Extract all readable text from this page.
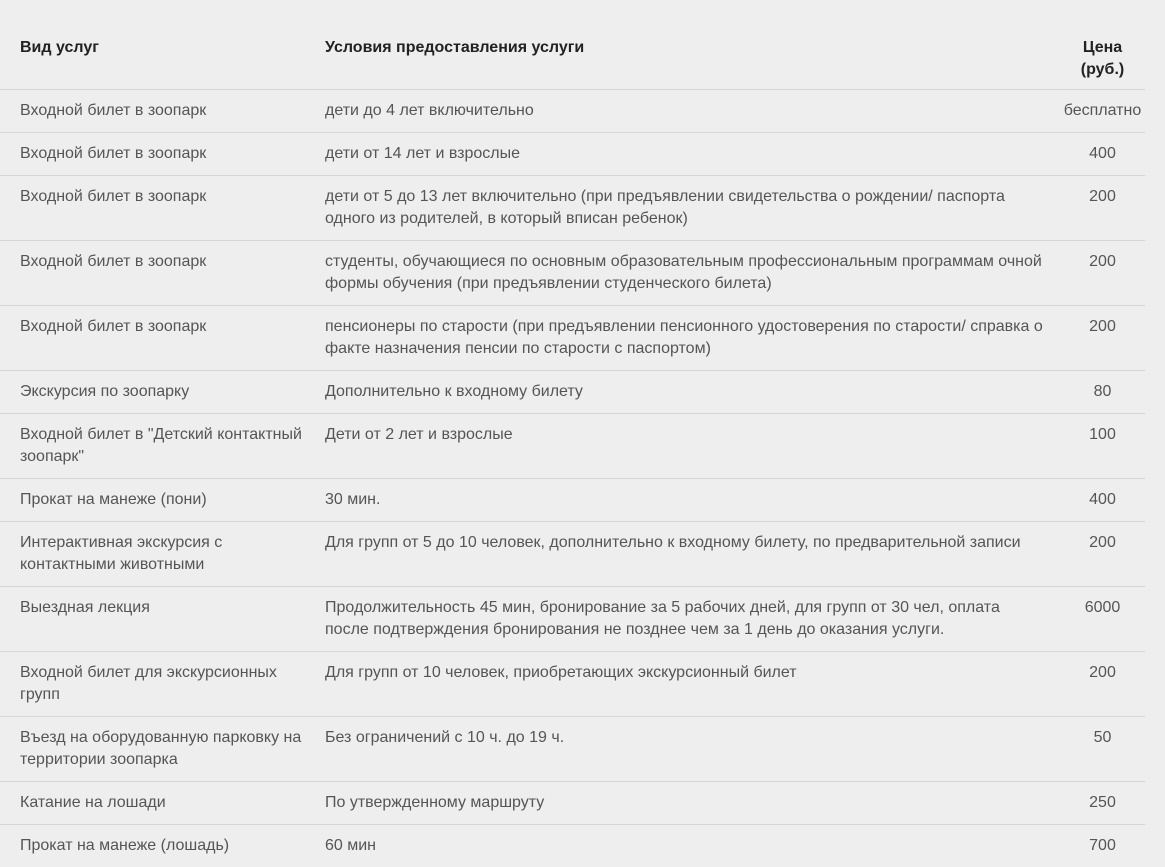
Вид услуг	Условия предоставления услуги	Цена (руб.)
Входной билет в зоопарк	дети до 4 лет включительно	бесплатно
Входной билет в зоопарк	дети от 14 лет и взрослые	400
Входной билет в зоопарк	дети от 5 до 13 лет включительно (при предъявлении свидетельства о рождении/ паспорта одного из родителей, в который вписан ребенок)	200
Входной билет в зоопарк	студенты, обучающиеся по основным образовательным профессиональным программам очной формы обучения (при предъявлении студенческого билета)	200
Входной билет в зоопарк	пенсионеры по старости (при предъявлении пенсионного удостоверения по старости/ справка о факте назначения пенсии по старости с паспортом)	200
Экскурсия по зоопарку	Дополнительно к входному билету	80
Входной билет в "Детский контактный зоопарк"	Дети от 2 лет и взрослые	100
Прокат на манеже (пони)	30 мин.	400
Интерактивная экскурсия с контактными животными	Для групп от 5 до 10 человек, дополнительно к входному билету, по предварительной записи	200
Выездная лекция	Продолжительность 45 мин, бронирование за 5 рабочих дней, для групп от 30 чел, оплата после подтверждения бронирования не позднее чем за 1 день до оказания услуги.	6000
Входной билет для экскурсионных групп	Для групп от 10 человек, приобретающих экскурсионный билет	200
Въезд на оборудованную парковку на территории зоопарка	Без ограничений с 10 ч. до 19 ч.	50
Катание на лошади	По утвержденному маршруту	250
Прокат на манеже (лошадь)	60 мин	700
